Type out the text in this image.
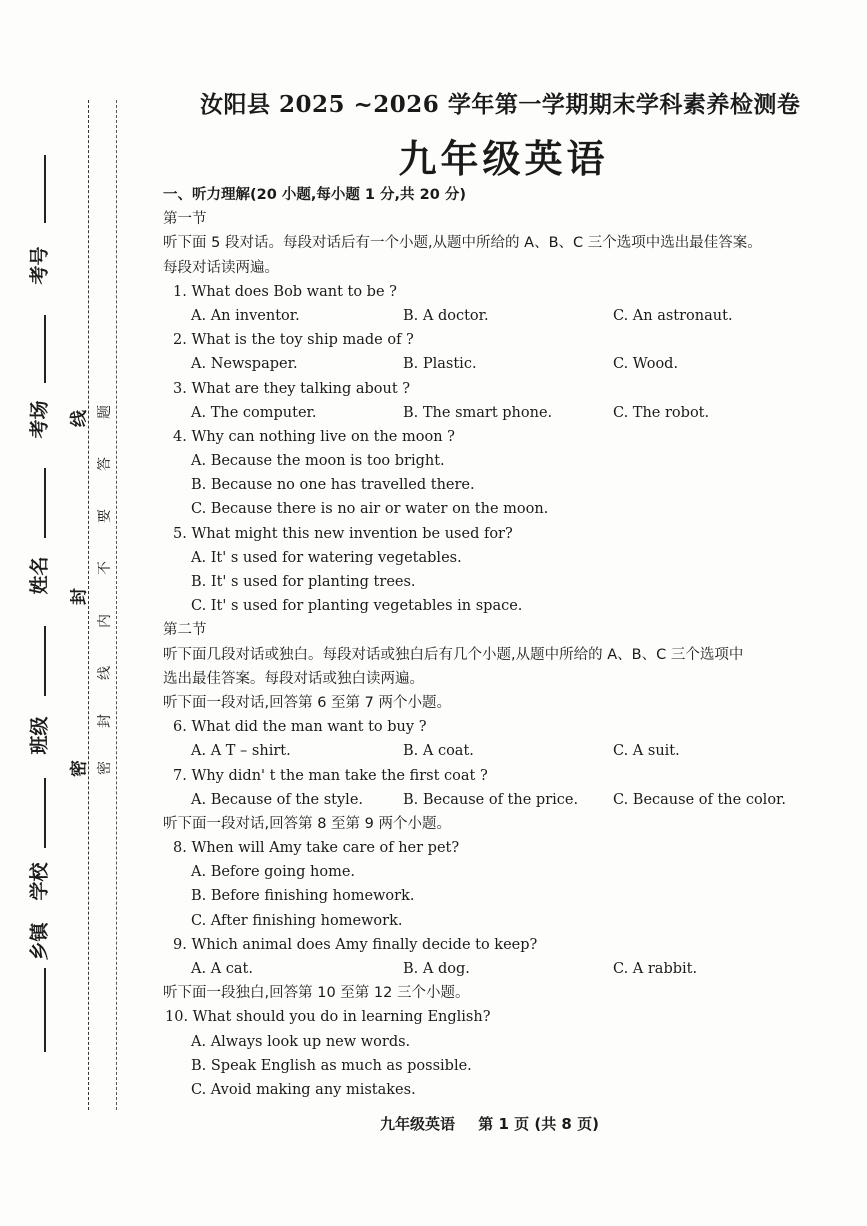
考号
考场
姓名
班级
学校
乡镇
密
封
线
密
封
线
内
不
要
答
题
汝阳县 2025 ~2026 学年第一学期期末学科素养检测卷
九年级英语
一、听力理解(20 小题,每小题 1 分,共 20 分)
第一节
听下面 5 段对话。每段对话后有一个小题,从题中所给的 A、B、C 三个选项中选出最佳答案。
每段对话读两遍。
1. What does Bob want to be ?
A. An inventor.	B. A doctor.	C. An astronaut.
2. What is the toy ship made of ?
A. Newspaper.	B. Plastic.	C. Wood.
3. What are they talking about ?
A. The computer.	B. The smart phone.	C. The robot.
4. Why can nothing live on the moon ?
A. Because the moon is too bright.
B. Because no one has travelled there.
C. Because there is no air or water on the moon.
5. What might this new invention be used for?
A. It' s used for watering vegetables.
B. It' s used for planting trees.
C. It' s used for planting vegetables in space.
第二节
听下面几段对话或独白。每段对话或独白后有几个小题,从题中所给的 A、B、C 三个选项中
选出最佳答案。每段对话或独白读两遍。
听下面一段对话,回答第 6 至第 7 两个小题。
6. What did the man want to buy ?
A. A T – shirt.	B. A coat.	C. A suit.
7. Why didn' t the man take the first coat ?
A. Because of the style.	B. Because of the price. C. Because of the color.
听下面一段对话,回答第 8 至第 9 两个小题。
8. When will Amy take care of her pet?
A. Before going home.
B. Before finishing homework.
C. After finishing homework.
9. Which animal does Amy finally decide to keep?
A. A cat.	B. A dog.	C. A rabbit.
听下面一段独白,回答第 10 至第 12 三个小题。
10. What should you do in learning English?
A. Always look up new words.
B. Speak English as much as possible.
C. Avoid making any mistakes.
九年级英语 第 1 页 (共 8 页)
